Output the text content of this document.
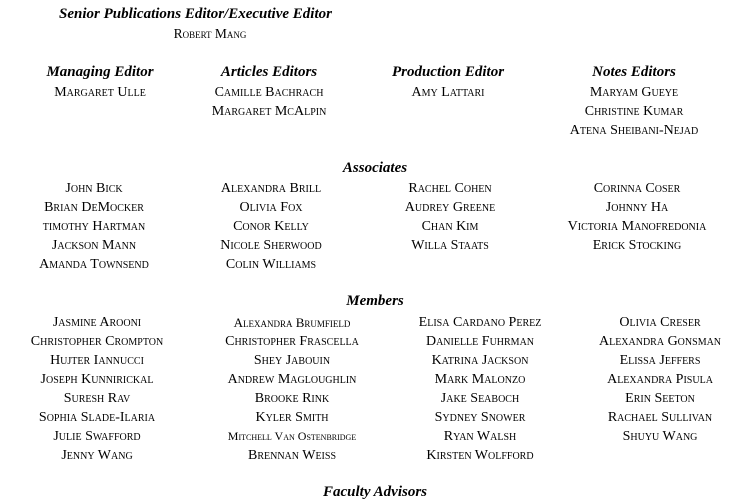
Senior Publications Editor/Executive Editor
Robert Mang
Managing Editor
Margaret Ulle
Articles Editors
Camille Bachrach
Margaret McAlpin
Production Editor
Amy Lattari
Notes Editors
Maryam Gueye
Christine Kumar
Atena Sheibani-Nejad
Associates
John Bick
Brian DeMocker
timothy Hartman
Jackson Mann
Amanda Townsend
Alexandra Brill
Olivia Fox
Conor Kelly
Nicole Sherwood
Colin Williams
Rachel Cohen
Audrey Greene
Chan Kim
Willa Staats
Corinna Coser
Johnny Ha
Victoria Manofredonia
Erick Stocking
Members
Jasmine Arooni
Christopher Crompton
Hujter Iannucci
Joseph Kunnirickal
Suresh Rav
Sophia Slade-Ilaria
Julie Swafford
Jenny Wang
Alexandra Brumfield
Christopher Frascella
Shey Jabouin
Andrew Magloughlin
Brooke Rink
Kyler Smith
Mitchell Van Ostenbridge
Brennan Weiss
Elisa Cardano Perez
Danielle Fuhrman
Katrina Jackson
Mark Malonzo
Jake Seaboch
Sydney Snower
Ryan Walsh
Kirsten Wolfford
Olivia Creser
Alexandra Gonsman
Elissa Jeffers
Alexandra Pisula
Erin Seeton
Rachael Sullivan
Shuyu Wang
Faculty Advisors
